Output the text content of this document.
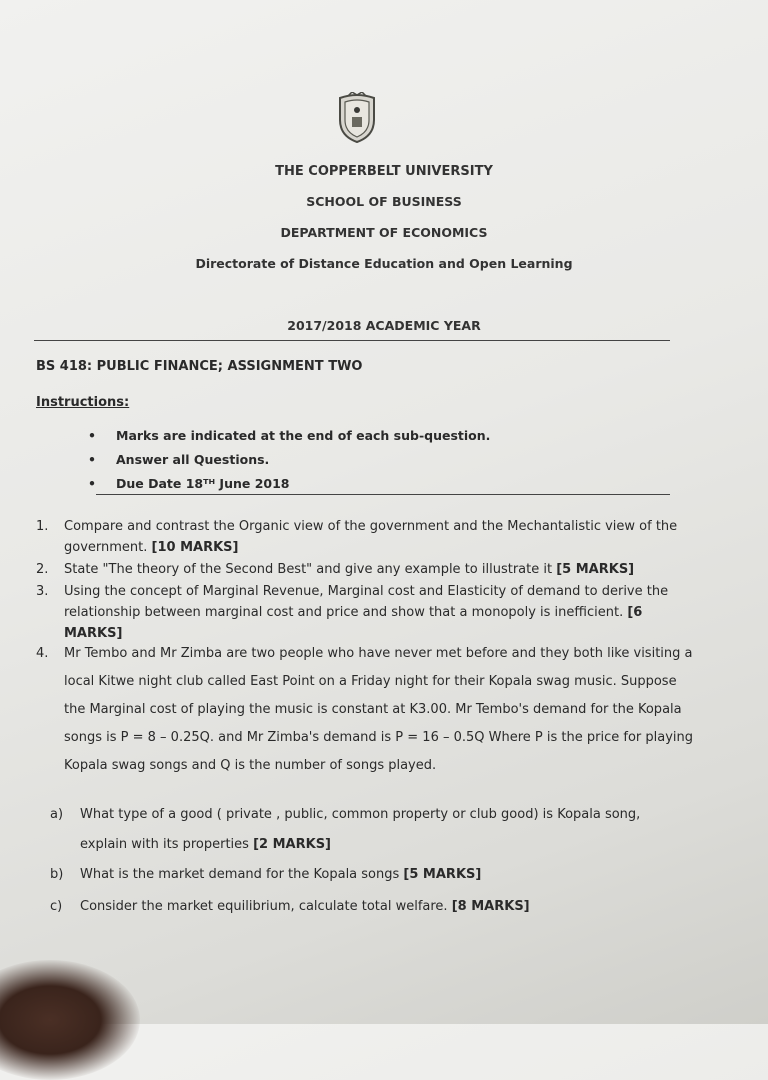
THE COPPERBELT UNIVERSITY
SCHOOL OF BUSINESS
DEPARTMENT OF ECONOMICS
Directorate of Distance Education and Open Learning
2017/2018 ACADEMIC YEAR
BS 418: PUBLIC FINANCE; ASSIGNMENT TWO
Instructions:
• Marks are indicated at the end of each sub-question.
• Answer all Questions.
• Due Date 18ᵀᴴ June 2018
1.	Compare and contrast the Organic view of the government and the Mechantalistic view of the government. [10 MARKS]
2.	State "The theory of the Second Best" and give any example to illustrate it [5 MARKS]
3.	Using the concept of Marginal Revenue, Marginal cost and Elasticity of demand to derive the relationship between marginal cost and price and show that a monopoly is inefficient. [6 MARKS]
4.	Mr Tembo and Mr Zimba are two people who have never met before and they both like visiting a local Kitwe night club called East Point on a Friday night for their Kopala swag music. Suppose the Marginal cost of playing the music is constant at K3.00. Mr Tembo's demand for the Kopala songs is P = 8 – 0.25Q. and Mr Zimba's demand is P = 16 – 0.5Q Where P is the price for playing Kopala swag songs and Q is the number of songs played.
a) What type of a good ( private , public, common property or club good) is Kopala song, explain with its properties [2 MARKS]
b) What is the market demand for the Kopala songs [5 MARKS]
c) Consider the market equilibrium, calculate total welfare. [8 MARKS]
